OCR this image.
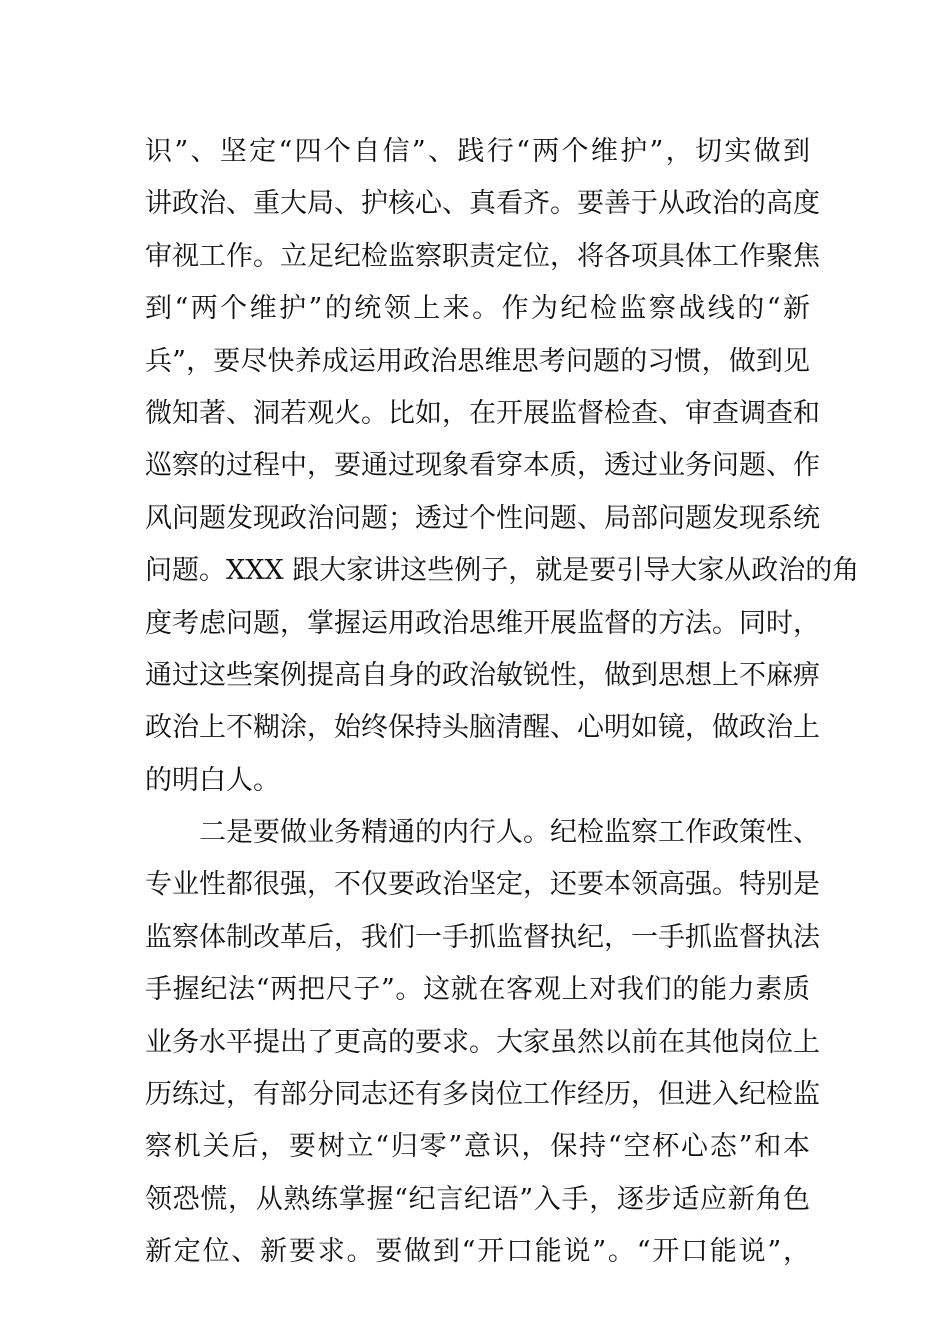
识”、坚定“四个自信”、践行“两个维护”，切实做到
讲政治、重大局、护核心、真看齐。要善于从政治的高度
审视工作。立足纪检监察职责定位，将各项具体工作聚焦
到“两个维护”的统领上来。作为纪检监察战线的“新
兵”，要尽快养成运用政治思维思考问题的习惯，做到见
微知著、洞若观火。比如，在开展监督检查、审查调查和
巡察的过程中，要通过现象看穿本质，透过业务问题、作
风问题发现政治问题；透过个性问题、局部问题发现系统
问题。XXX 跟大家讲这些例子，就是要引导大家从政治的角
度考虑问题，掌握运用政治思维开展监督的方法。同时，
通过这些案例提高自身的政治敏锐性，做到思想上不麻痹
政治上不糊涂，始终保持头脑清醒、心明如镜，做政治上
的明白人。
二是要做业务精通的内行人。纪检监察工作政策性、
专业性都很强，不仅要政治坚定，还要本领高强。特别是
监察体制改革后，我们一手抓监督执纪，一手抓监督执法
手握纪法“两把尺子”。这就在客观上对我们的能力素质
业务水平提出了更高的要求。大家虽然以前在其他岗位上
历练过，有部分同志还有多岗位工作经历，但进入纪检监
察机关后，要树立“归零”意识，保持“空杯心态”和本
领恐慌，从熟练掌握“纪言纪语”入手，逐步适应新角色
新定位、新要求。要做到“开口能说”。“开口能说”，
